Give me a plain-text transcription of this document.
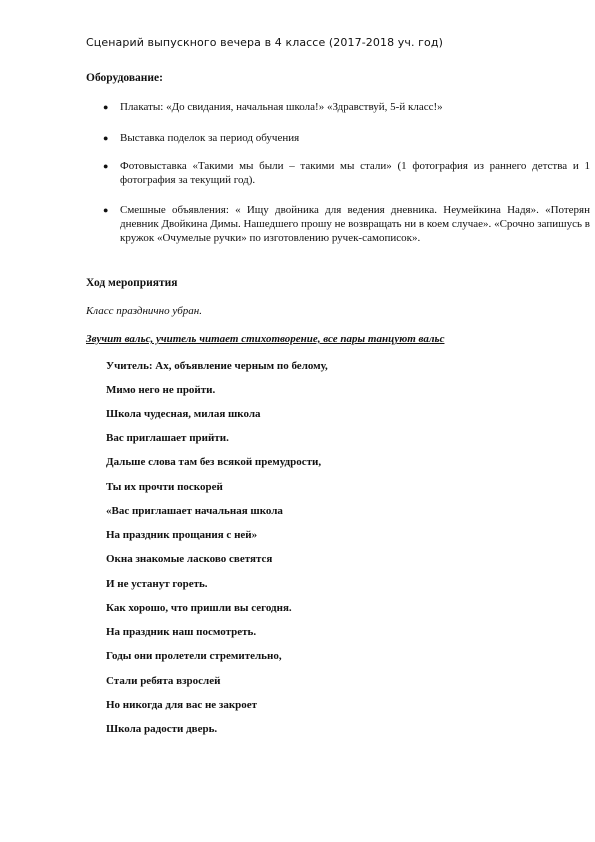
Сценарий выпускного вечера в 4 классе (2017-2018 уч. год)
Оборудование:
● Плакаты: «До свидания, начальная школа!» «Здравствуй, 5-й класс!»
● Выставка поделок за период обучения
● Фотовыставка «Такими мы были – такими мы стали» (1 фотография из раннего детства и 1 фотография за текущий год).
● Смешные объявления: « Ищу двойника для ведения дневника. Неумейкина Надя». «Потерян дневник Двойкина Димы. Нашедшего прошу не возвращать ни в коем случае». «Срочно запишусь в кружок «Очумелые ручки» по изготовлению ручек-самописок».
Ход мероприятия
Класс празднично убран.
Звучит вальс, учитель читает стихотворение, все пары танцуют вальс
Учитель: Ах, объявление черным по белому,
Мимо него не пройти.
Школа чудесная, милая школа
Вас приглашает прийти.
Дальше слова там без всякой премудрости,
Ты их прочти поскорей
«Вас приглашает начальная школа
На праздник прощания с ней»
Окна знакомые ласково светятся
И не устанут гореть.
Как хорошо, что пришли вы сегодня.
На праздник наш посмотреть.
Годы они пролетели стремительно,
Стали ребята взрослей
Но никогда для вас не закроет
Школа радости дверь.
